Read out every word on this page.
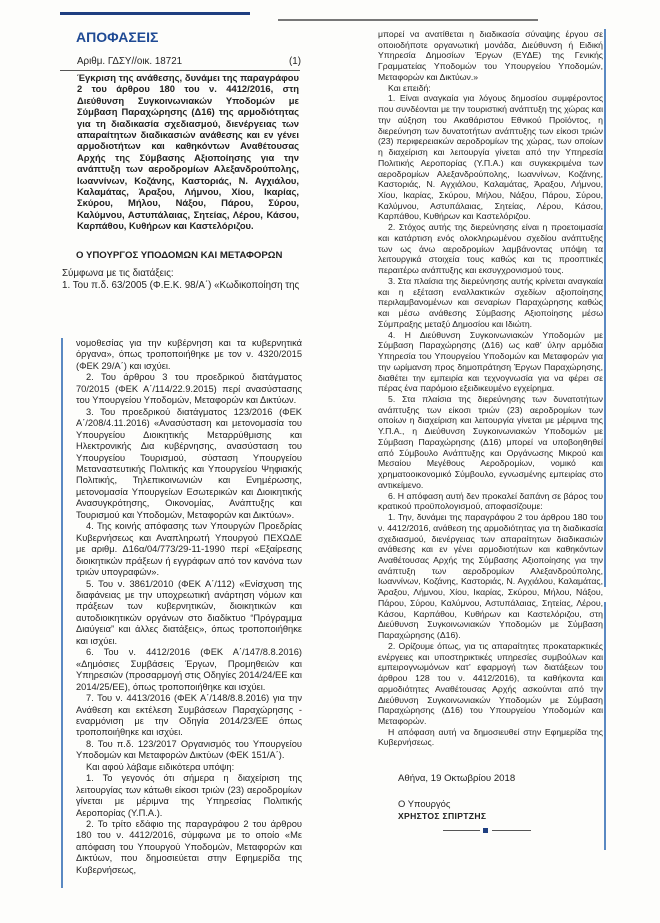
ΑΠΟΦΑΣΕΙΣ
Αριθμ. ΓΔΣΥ//οικ. 18721	(1)
Έγκριση της ανάθεσης, δυνάμει της παραγράφου 2 του άρθρου 180 του ν. 4412/2016, στη Διεύθυνση Συγκοινωνιακών Υποδομών με Σύμβαση Παραχώρησης (Δ16) της αρμοδιότητας για τη διαδικασία σχεδιασμού, διενέργειας των απαραίτητων διαδικασιών ανάθεσης και εν γένει αρμοδιοτήτων και καθηκόντων Αναθέτουσας Αρχής της Σύμβασης Αξιοποίησης για την ανάπτυξη των αεροδρομίων Αλεξανδρούπολης, Ιωαννίνων, Κοζάνης, Καστοριάς, Ν. Αγχιάλου, Καλαμάτας, Άραξου, Λήμνου, Χίου, Ικαρίας, Σκύρου, Μήλου, Νάξου, Πάρου, Σύρου, Καλύμνου, Αστυπάλαιας, Σητείας, Λέρου, Κάσου, Καρπάθου, Κυθήρων και Καστελόριζου.
Ο ΥΠΟΥΡΓΟΣ ΥΠΟΔΟΜΩΝ ΚΑΙ ΜΕΤΑΦΟΡΩΝ
Σύμφωνα με τις διατάξεις:
1. Του π.δ. 63/2005 (Φ.Ε.Κ. 98/Α΄) «Κωδικοποίηση της

νομοθεσίας για την κυβέρνηση και τα κυβερνητικά όργανα», όπως τροποποιήθηκε με τον ν. 4320/2015 (ΦΕΚ 29/Α΄) και ισχύει.

2. Του άρθρου 3 του προεδρικού διατάγματος 70/2015 (ΦΕΚ Α΄/114/22.9.2015) περί ανασύστασης του Υπουργείου Υποδομών, Μεταφορών και Δικτύων.

3. Του προεδρικού διατάγματος 123/2016 (ΦΕΚ Α΄/208/4.11.2016) «Ανασύσταση και μετονομασία του Υπουργείου Διοικητικής Μεταρρύθμισης και Ηλεκτρονικής Δια κυβέρνησης, ανασύσταση του Υπουργείου Τουρισμού, σύσταση Υπουργείου Μεταναστευτικής Πολιτικής και Υπουργείου Ψηφιακής Πολιτικής, Τηλεπικοινωνιών και Ενημέρωσης, μετονομασία Υπουργείων Εσωτερικών και Διοικητικής Ανασυγκρότησης, Οικονομίας, Ανάπτυξης και Τουρισμού και Υποδομών, Μεταφορών και Δικτύων».

4. Της κοινής απόφασης των Υπουργών Προεδρίας Κυβερνήσεως και Αναπληρωτή Υπουργού ΠΕΧΩΔΕ με αριθμ. Δ16α/04/773/29-11-1990 περί «Εξαίρεσης διοικητικών πράξεων ή εγγράφων από τον κανόνα των τριών υπογραφών».

5. Του ν. 3861/2010 (ΦΕΚ Α΄/112) «Ενίσχυση της διαφάνειας με την υποχρεωτική ανάρτηση νόμων και πράξεων των κυβερνητικών, διοικητικών και αυτοδιοικητικών οργάνων στο διαδίκτυο “Πρόγραμμα Διαύγεια” και άλλες διατάξεις», όπως τροποποιήθηκε και ισχύει.

6. Του ν. 4412/2016 (ΦΕΚ Α΄/147/8.8.2016) «Δημόσιες Συμβάσεις Έργων, Προμηθειών και Υπηρεσιών (προσαρμογή στις Οδηγίες 2014/24/ΕΕ και 2014/25/ΕΕ), όπως τροποποιήθηκε και ισχύει.

7. Του ν. 4413/2016 (ΦΕΚ Α΄/148/8.8.2016) για την Ανάθεση και εκτέλεση Συμβάσεων Παραχώρησης - εναρμόνιση με την Οδηγία 2014/23/ΕΕ όπως τροποποιήθηκε και ισχύει.

8. Του π.δ. 123/2017 Οργανισμός του Υπουργείου Υποδομών και Μεταφορών Δικτύων (ΦΕΚ 151/Α΄).

Και αφού λάβαμε ειδικότερα υπόψη:

1. Το γεγονός ότι σήμερα η διαχείριση της λειτουργίας των κάτωθι είκοσι τριών (23) αεροδρομίων γίνεται με μέριμνα της Υπηρεσίας Πολιτικής Αεροπορίας (Υ.Π.Α.).

2. Το τρίτο εδάφιο της παραγράφου 2 του άρθρου 180 του ν. 4412/2016, σύμφωνα με το οποίο «Με απόφαση του Υπουργού Υποδομών, Μεταφορών και Δικτύων, που δημοσιεύεται στην Εφημερίδα της Κυβερνήσεως,

μπορεί να ανατίθεται η διαδικασία σύναψης έργου σε οποιοδήποτε οργανωτική μονάδα, Διεύθυνση ή Ειδική Υπηρεσία Δημοσίων Έργων (ΕΥΔΕ) της Γενικής Γραμματείας Υποδομών του Υπουργείου Υποδομών, Μεταφορών και Δικτύων.»

Και επειδή:

1. Είναι αναγκαία για λόγους δημοσίου συμφέροντος που συνδέονται με την τουριστική ανάπτυξη της χώρας και την αύξηση του Ακαθάριστου Εθνικού Προϊόντος, η διερεύνηση των δυνατοτήτων ανάπτυξης των είκοσι τριών (23) περιφερειακών αεροδρομίων της χώρας, των οποίων η διαχείριση και λειτουργία γίνεται από την Υπηρεσία Πολιτικής Αεροπορίας (Υ.Π.Α.) και συγκεκριμένα των αεροδρομίων Αλεξανδρούπολης, Ιωαννίνων, Κοζάνης, Καστοριάς, Ν. Αγχιάλου, Καλαμάτας, Άραξου, Λήμνου, Χίου, Ικαρίας, Σκύρου, Μήλου, Νάξου, Πάρου, Σύρου, Καλύμνου, Αστυπάλαιας, Σητείας, Λέρου, Κάσου, Καρπάθου, Κυθήρων και Καστελόριζου.

2. Στόχος αυτής της διερεύνησης είναι η προετοιμασία και κατάρτιση ενός ολοκληρωμένου σχεδίου ανάπτυξης των ως άνω αεροδρομίων λαμβάνοντας υπόψη τα λειτουργικά στοιχεία τους καθώς και τις προοπτικές περαιτέρω ανάπτυξης και εκσυγχρονισμού τους.

3. Στα πλαίσια της διερεύνησης αυτής κρίνεται αναγκαία και η εξέταση εναλλακτικών σχεδίων αξιοποίησης περιλαμβανομένων και σεναρίων Παραχώρησης καθώς και μέσω ανάθεσης Σύμβασης Αξιοποίησης μέσω Σύμπραξης μεταξύ Δημοσίου και Ιδιώτη.

4. Η Διεύθυνση Συγκοινωνιακών Υποδομών με Σύμβαση Παραχώρησης (Δ16) ως καθ’ ύλην αρμόδια Υπηρεσία του Υπουργείου Υποδομών και Μεταφορών για την ωρίμανση προς δημοπράτηση Έργων Παραχώρησης, διαθέτει την εμπειρία και τεχνογνωσία για να φέρει σε πέρας ένα παρόμοιο εξειδικευμένο εγχείρημα.

5. Στα πλαίσια της διερεύνησης των δυνατοτήτων ανάπτυξης των είκοσι τριών (23) αεροδρομίων των οποίων η διαχείριση και λειτουργία γίνεται με μέριμνα της Υ.Π.Α., η Διεύθυνση Συγκοινωνιακών Υποδομών με Σύμβαση Παραχώρησης (Δ16) μπορεί να υποβοηθηθεί από Σύμβουλο Ανάπτυξης και Οργάνωσης Μικρού και Μεσαίου Μεγέθους Αεροδρομίων, νομικό και χρηματοοικονομικό Σύμβουλο, εγνωσμένης εμπειρίας στο αντικείμενο.

6. Η απόφαση αυτή δεν προκαλεί δαπάνη σε βάρος του κρατικού προϋπολογισμού, αποφασίζουμε:

1. Την, δυνάμει της παραγράφου 2 του άρθρου 180 του ν. 4412/2016, ανάθεση της αρμοδιότητας για τη διαδικασία σχεδιασμού, διενέργειας των απαραίτητων διαδικασιών ανάθεσης και εν γένει αρμοδιοτήτων και καθηκόντων Αναθέτουσας Αρχής της Σύμβασης Αξιοποίησης για την ανάπτυξη των αεροδρομίων Αλεξανδρούπολης, Ιωαννίνων, Κοζάνης, Καστοριάς, Ν. Αγχιάλου, Καλαμάτας, Άραξου, Λήμνου, Χίου, Ικαρίας, Σκύρου, Μήλου, Νάξου, Πάρου, Σύρου, Καλύμνου, Αστυπάλαιας, Σητείας, Λέρου, Κάσου, Καρπάθου, Κυθήρων και Καστελόριζου, στη Διεύθυνση Συγκοινωνιακών Υποδομών με Σύμβαση Παραχώρησης (Δ16).

2. Ορίζουμε όπως, για τις απαραίτητες προκαταρκτικές ενέργειες και υποστηρικτικές υπηρεσίες συμβούλων και εμπειρογνωμόνων κατ’ εφαρμογή των διατάξεων του άρθρου 128 του ν. 4412/2016), τα καθήκοντα και αρμοδιότητες Αναθέτουσας Αρχής ασκούνται από την Διεύθυνση Συγκοινωνιακών Υποδομών με Σύμβαση Παραχώρησης (Δ16) του Υπουργείου Υποδομών και Μεταφορών.

Η απόφαση αυτή να δημοσιευθεί στην Εφημερίδα της Κυβερνήσεως.

Αθήνα, 19 Οκτωβρίου 2018
Ο Υπουργός
ΧΡΗΣΤΟΣ ΣΠΙΡΤΖΗΣ
